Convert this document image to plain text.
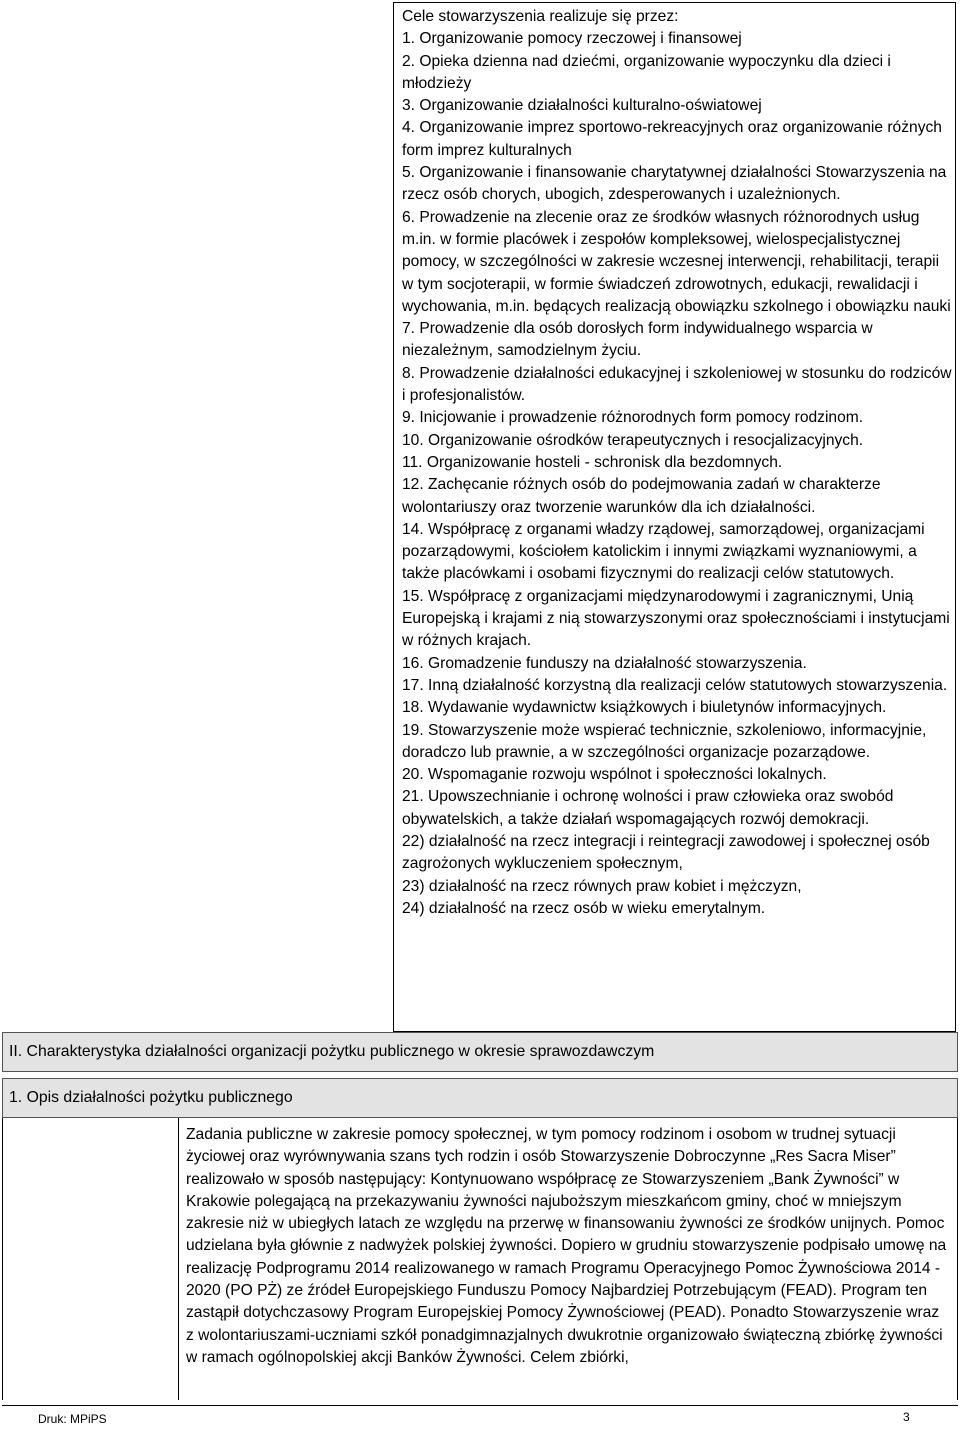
Cele stowarzyszenia realizuje się przez:
1. Organizowanie pomocy rzeczowej i finansowej
2. Opieka dzienna nad dziećmi, organizowanie wypoczynku dla dzieci i młodzieży
3. Organizowanie działalności kulturalno-oświatowej
4. Organizowanie imprez sportowo-rekreacyjnych oraz organizowanie różnych form imprez kulturalnych
5. Organizowanie i finansowanie charytatywnej działalności Stowarzyszenia na rzecz osób chorych, ubogich, zdesperowanych i uzależnionych.
6. Prowadzenie na zlecenie oraz ze środków własnych różnorodnych usług m.in. w formie placówek i zespołów kompleksowej, wielospecjalistycznej pomocy, w szczególności w zakresie wczesnej interwencji, rehabilitacji, terapii w tym socjoterapii, w formie świadczeń zdrowotnych, edukacji, rewalidacji i wychowania, m.in. będących realizacją obowiązku szkolnego i obowiązku nauki
7. Prowadzenie dla osób dorosłych form indywidualnego wsparcia w niezależnym, samodzielnym życiu.
8. Prowadzenie działalności edukacyjnej i szkoleniowej w stosunku do rodziców i profesjonalistów.
9. Inicjowanie i prowadzenie różnorodnych form pomocy rodzinom.
10. Organizowanie ośrodków terapeutycznych i resocjalizacyjnych.
11. Organizowanie hosteli - schronisk dla bezdomnych.
12. Zachęcanie różnych osób do podejmowania zadań w charakterze wolontariuszy oraz tworzenie warunków dla ich działalności.
14. Współpracę z organami władzy rządowej, samorządowej, organizacjami pozarządowymi, kościołem katolickim i innymi związkami wyznaniowymi, a także placówkami i osobami fizycznymi do realizacji celów statutowych.
15. Współpracę z organizacjami międzynarodowymi i zagranicznymi, Unią Europejską i krajami z nią stowarzyszonymi oraz społecznościami i instytucjami w różnych krajach.
16. Gromadzenie funduszy na działalność stowarzyszenia.
17. Inną działalność korzystną dla realizacji celów statutowych stowarzyszenia.
18. Wydawanie wydawnictw książkowych i biuletynów informacyjnych.
19. Stowarzyszenie może wspierać technicznie, szkoleniowo, informacyjnie, doradczo lub prawnie, a w szczególności organizacje pozarządowe.
20. Wspomaganie rozwoju wspólnot i społeczności lokalnych.
21. Upowszechnianie i ochronę wolności i praw człowieka oraz swobód obywatelskich, a także działań wspomagających rozwój demokracji.
22) działalność na rzecz integracji i reintegracji zawodowej i społecznej osób zagrożonych wykluczeniem społecznym,
23) działalność na rzecz równych praw kobiet i mężczyzn,
24) działalność na rzecz osób w wieku emerytalnym.
II. Charakterystyka działalności organizacji pożytku publicznego w okresie sprawozdawczym
1. Opis działalności pożytku publicznego
Zadania publiczne w zakresie pomocy społecznej, w tym pomocy rodzinom i osobom w trudnej sytuacji życiowej oraz wyrównywania szans tych rodzin i osób Stowarzyszenie Dobroczynne „Res Sacra Miser” realizowało w sposób następujący: Kontynuowano współpracę ze Stowarzyszeniem „Bank Żywności” w Krakowie polegającą na przekazywaniu żywności najuboższym mieszkańcom gminy, choć w mniejszym zakresie niż w ubiegłych latach ze względu na przerwę w finansowaniu żywności ze środków unijnych. Pomoc udzielana była głównie z nadwyżek polskiej żywności. Dopiero w grudniu stowarzyszenie podpisało umowę na realizację Podprogramu 2014 realizowanego w ramach Programu Operacyjnego Pomoc Żywnościowa 2014 - 2020 (PO PŻ) ze źródeł Europejskiego Funduszu Pomocy Najbardziej Potrzebującym (FEAD). Program ten zastąpił dotychczasowy Program Europejskiej Pomocy Żywnościowej (PEAD). Ponadto Stowarzyszenie wraz z wolontariuszami-uczniami szkół ponadgimnazjalnych dwukrotnie organizowało świąteczną zbiórkę żywności w ramach ogólnopolskiej akcji Banków Żywności. Celem zbiórki,
Druk: MPiPS	3
